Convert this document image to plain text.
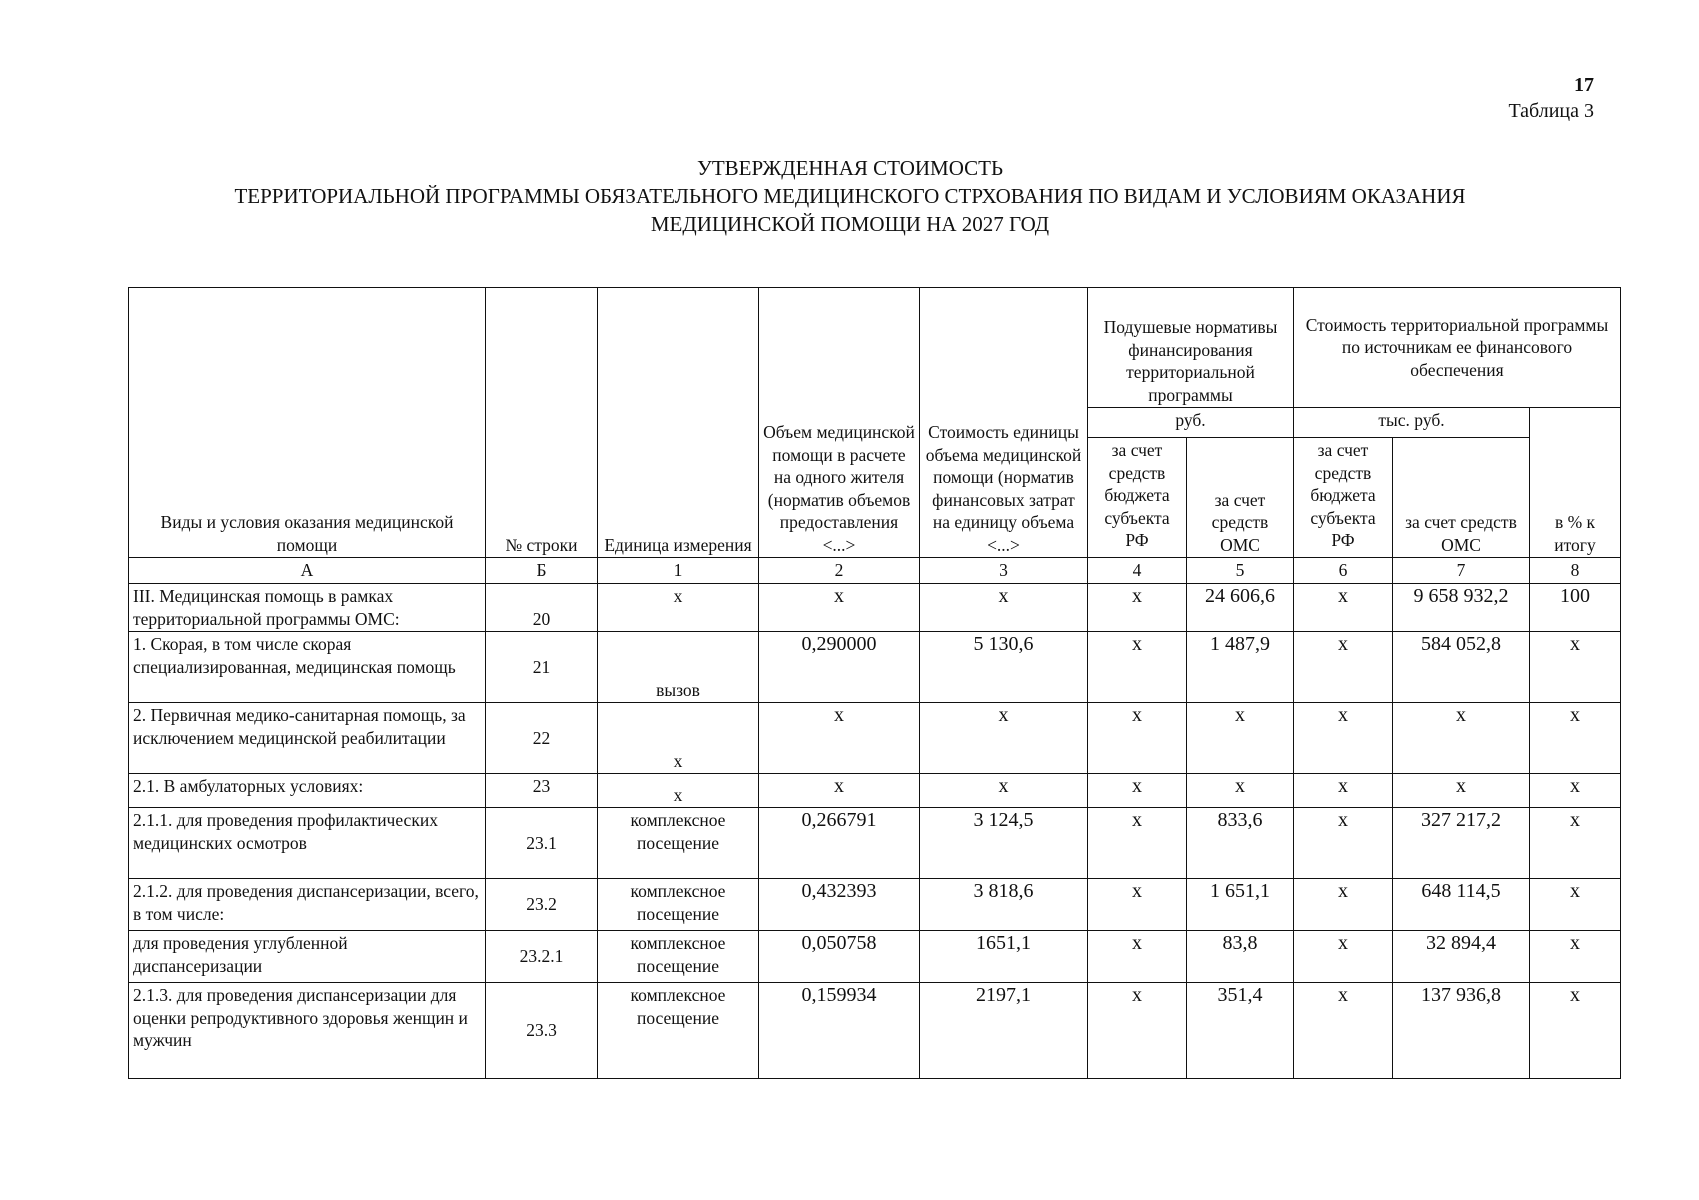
17
Таблица 3
УТВЕРЖДЕННАЯ СТОИМОСТЬ
ТЕРРИТОРИАЛЬНОЙ ПРОГРАММЫ ОБЯЗАТЕЛЬНОГО МЕДИЦИНСКОГО СТРХОВАНИЯ ПО ВИДАМ И УСЛОВИЯМ ОКАЗАНИЯ
МЕДИЦИНСКОЙ ПОМОЩИ НА 2027 ГОД
Виды и условия оказания медицинской помощи	№ строки	Единица измерения	Объем медицинской помощи в расчете на одного жителя (норматив объемов предоставления <...>	Стоимость единицы объема медицинской помощи (норматив финансовых затрат на единицу объема <...>	Подушевые нормативы финансирования территориальной программы		Стоимость территориальной программы по источникам ее финансового обеспечения		
					руб.		тыс. руб.		в % к итогу
					за счет средств бюджета субъекта РФ	за счет средств ОМС	за счет средств бюджета субъекта РФ	за счет средств ОМС	
А	Б	1	2	3	4	5	6	7	8
III. Медицинская помощь в рамках территориальной программы ОМС:	20	х	х	х	х	24 606,6	х	9 658 932,2	100
1. Скорая, в том числе скорая специализированная, медицинская помощь	21	вызов	0,290000	5 130,6	х	1 487,9	х	584 052,8	х
2. Первичная медико-санитарная помощь, за исключением медицинской реабилитации	22	х	х	х	х	х	х	х	х
2.1. В амбулаторных условиях:	23	х	х	х	х	х	х	х	х
2.1.1. для проведения профилактических медицинских осмотров	23.1	комплексное посещение	0,266791	3 124,5	х	833,6	х	327 217,2	х
2.1.2. для проведения диспансеризации, всего, в том числе:	23.2	комплексное посещение	0,432393	3 818,6	х	1 651,1	х	648 114,5	х
для проведения углубленной диспансеризации	23.2.1	комплексное посещение	0,050758	1651,1	х	83,8	х	32 894,4	х
2.1.3. для проведения диспансеризации для оценки репродуктивного здоровья женщин и мужчин	23.3	комплексное посещение	0,159934	2197,1	х	351,4	х	137 936,8	х
